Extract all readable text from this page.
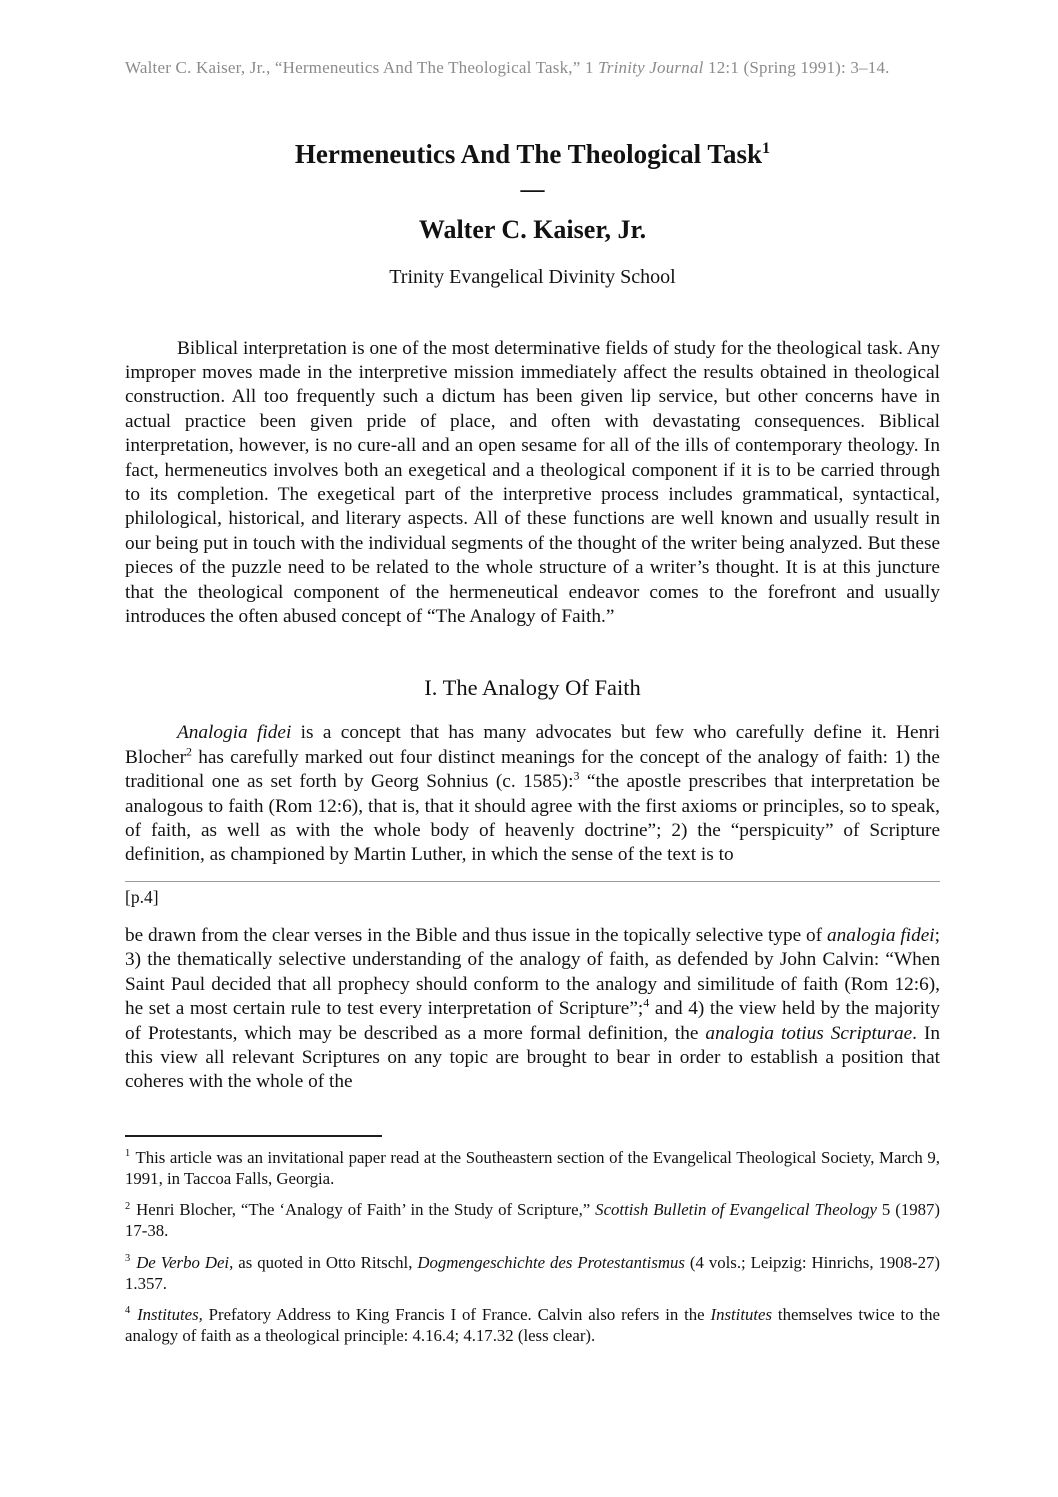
Walter C. Kaiser, Jr., “Hermeneutics And The Theological Task,” 1 Trinity Journal 12:1 (Spring 1991): 3–14.

Hermeneutics And The Theological Task$^1$
—
Walter C. Kaiser, Jr.
Trinity Evangelical Divinity School

Biblical interpretation is one of the most determinative fields of study for the theological task. Any improper moves made in the interpretive mission immediately affect the results obtained in theological construction. All too frequently such a dictum has been given lip service, but other concerns have in actual practice been given pride of place, and often with devastating consequences. Biblical interpretation, however, is no cure-all and an open sesame for all of the ills of contemporary theology. In fact, hermeneutics involves both an exegetical and a theological component if it is to be carried through to its completion. The exegetical part of the interpretive process includes grammatical, syntactical, philological, historical, and literary aspects. All of these functions are well known and usually result in our being put in touch with the individual segments of the thought of the writer being analyzed. But these pieces of the puzzle need to be related to the whole structure of a writer’s thought. It is at this juncture that the theological component of the hermeneutical endeavor comes to the forefront and usually introduces the often abused concept of “The Analogy of Faith.”

I. The Analogy Of Faith

Analogia fidei is a concept that has many advocates but few who carefully define it. Henri Blocher$^2$ has carefully marked out four distinct meanings for the concept of the analogy of faith: 1) the traditional one as set forth by Georg Sohnius (c. 1585):$^3$ “the apostle prescribes that interpretation be analogous to faith (Rom 12:6), that is, that it should agree with the first axioms or principles, so to speak, of faith, as well as with the whole body of heavenly doctrine”; 2) the “perspicuity” of Scripture definition, as championed by Martin Luther, in which the sense of the text is to

[p.4]

be drawn from the clear verses in the Bible and thus issue in the topically selective type of analogia fidei; 3) the thematically selective understanding of the analogy of faith, as defended by John Calvin: “When Saint Paul decided that all prophecy should conform to the analogy and similitude of faith (Rom 12:6), he set a most certain rule to test every interpretation of Scripture”;$^4$ and 4) the view held by the majority of Protestants, which may be described as a more formal definition, the analogia totius Scripturae. In this view all relevant Scriptures on any topic are brought to bear in order to establish a position that coheres with the whole of the

$^1$ This article was an invitational paper read at the Southeastern section of the Evangelical Theological Society, March 9, 1991, in Taccoa Falls, Georgia.

$^2$ Henri Blocher, “The ‘Analogy of Faith’ in the Study of Scripture,” Scottish Bulletin of Evangelical Theology 5 (1987) 17-38.

$^3$ De Verbo Dei, as quoted in Otto Ritschl, Dogmengeschichte des Protestantismus (4 vols.; Leipzig: Hinrichs, 1908-27) 1.357.

$^4$ Institutes, Prefatory Address to King Francis I of France. Calvin also refers in the Institutes themselves twice to the analogy of faith as a theological principle: 4.16.4; 4.17.32 (less clear).
